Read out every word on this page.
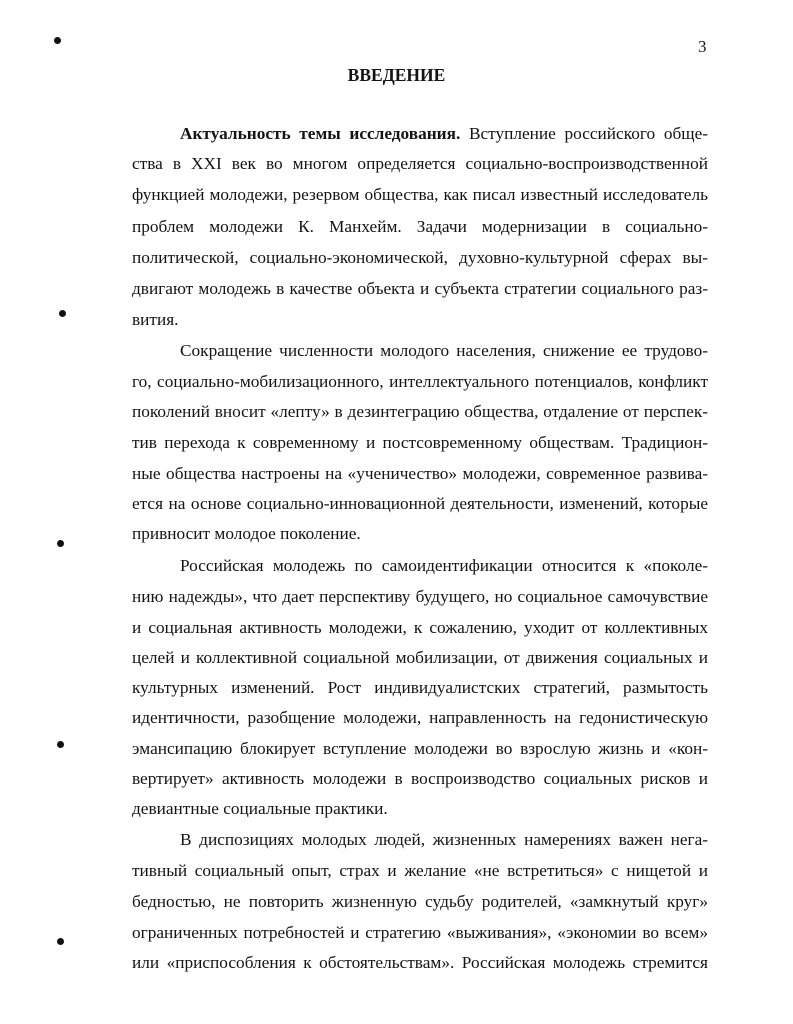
3
ВВЕДЕНИЕ
Актуальность темы исследования. Вступление российского обще-
ства в XXI век во многом определяется социально-воспроизводственной
функцией молодежи, резервом общества, как писал известный исследователь
проблем молодежи К. Манхейм. Задачи модернизации в социально-
политической, социально-экономической, духовно-культурной сферах вы-
двигают молодежь в качестве объекта и субъекта стратегии социального раз-
вития.
Сокращение численности молодого населения, снижение ее трудово-
го, социально-мобилизационного, интеллектуального потенциалов, конфликт
поколений вносит «лепту» в дезинтеграцию общества, отдаление от перспек-
тив перехода к современному и постсовременному обществам. Традицион-
ные общества настроены на «ученичество» молодежи, современное развива-
ется на основе социально-инновационной деятельности, изменений, которые
привносит молодое поколение.
Российская молодежь по самоидентификации относится к «поколе-
нию надежды», что дает перспективу будущего, но социальное самочувствие
и социальная активность молодежи, к сожалению, уходит от коллективных
целей и коллективной социальной мобилизации, от движения социальных и
культурных изменений. Рост индивидуалистских стратегий, размытость
идентичности, разобщение молодежи, направленность на гедонистическую
эмансипацию блокирует вступление молодежи во взрослую жизнь и «кон-
вертирует» активность молодежи в воспроизводство социальных рисков и
девиантные социальные практики.
В диспозициях молодых людей, жизненных намерениях важен нега-
тивный социальный опыт, страх и желание «не встретиться» с нищетой и
бедностью, не повторить жизненную судьбу родителей, «замкнутый круг»
ограниченных потребностей и стратегию «выживания», «экономии во всем»
или «приспособления к обстоятельствам». Российская молодежь стремится
